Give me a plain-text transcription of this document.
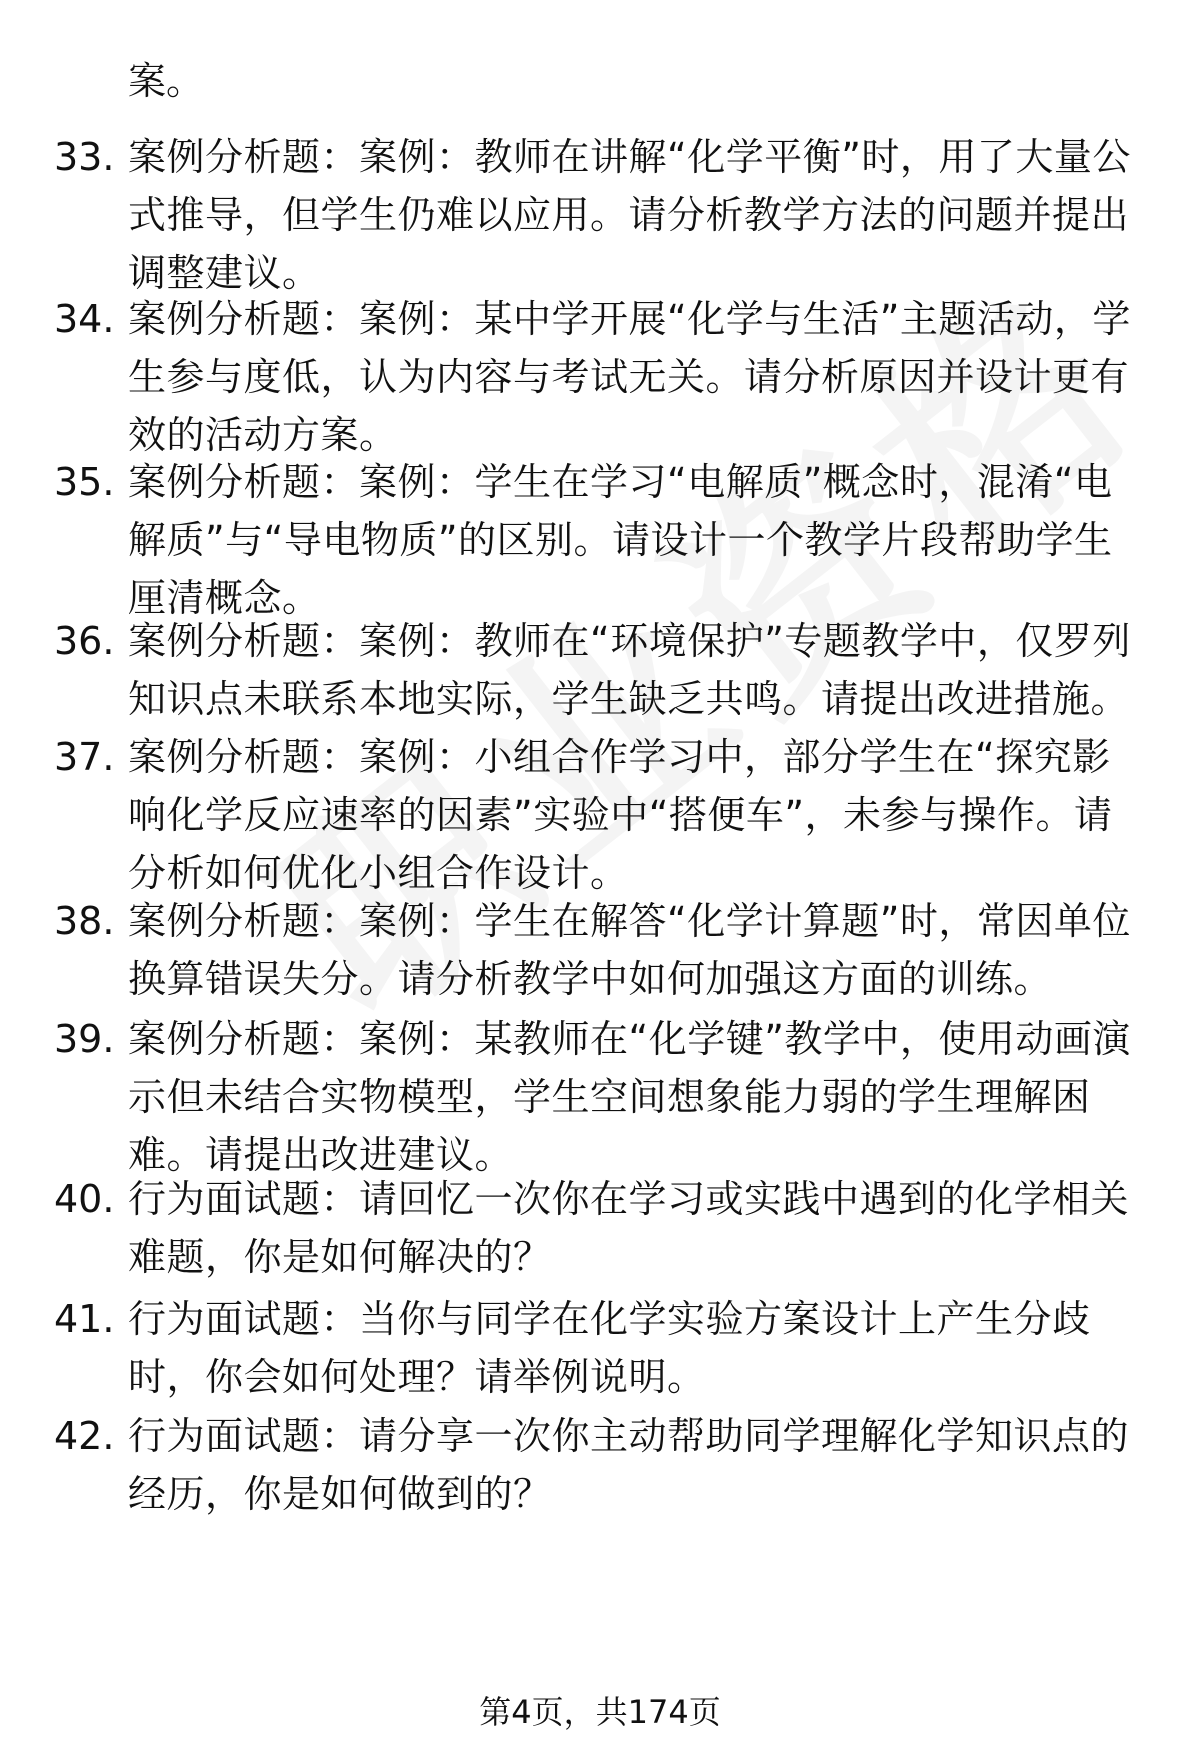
案。
33. 案例分析题：案例：教师在讲解“化学平衡”时，用了大量公式推导，但学生仍难以应用。请分析教学方法的问题并提出调整建议。
34. 案例分析题：案例：某中学开展“化学与生活”主题活动，学生参与度低，认为内容与考试无关。请分析原因并设计更有效的活动方案。
35. 案例分析题：案例：学生在学习“电解质”概念时，混淆“电解质”与“导电物质”的区别。请设计一个教学片段帮助学生厘清概念。
36. 案例分析题：案例：教师在“环境保护”专题教学中，仅罗列知识点未联系本地实际，学生缺乏共鸣。请提出改进措施。
37. 案例分析题：案例：小组合作学习中，部分学生在“探究影响化学反应速率的因素”实验中“搭便车”，未参与操作。请分析如何优化小组合作设计。
38. 案例分析题：案例：学生在解答“化学计算题”时，常因单位换算错误失分。请分析教学中如何加强这方面的训练。
39. 案例分析题：案例：某教师在“化学键”教学中，使用动画演示但未结合实物模型，学生空间想象能力弱的学生理解困难。请提出改进建议。
40. 行为面试题：请回忆一次你在学习或实践中遇到的化学相关难题，你是如何解决的？
41. 行为面试题：当你与同学在化学实验方案设计上产生分歧时，你会如何处理？请举例说明。
42. 行为面试题：请分享一次你主动帮助同学理解化学知识点的经历，你是如何做到的？
第4页，共174页
